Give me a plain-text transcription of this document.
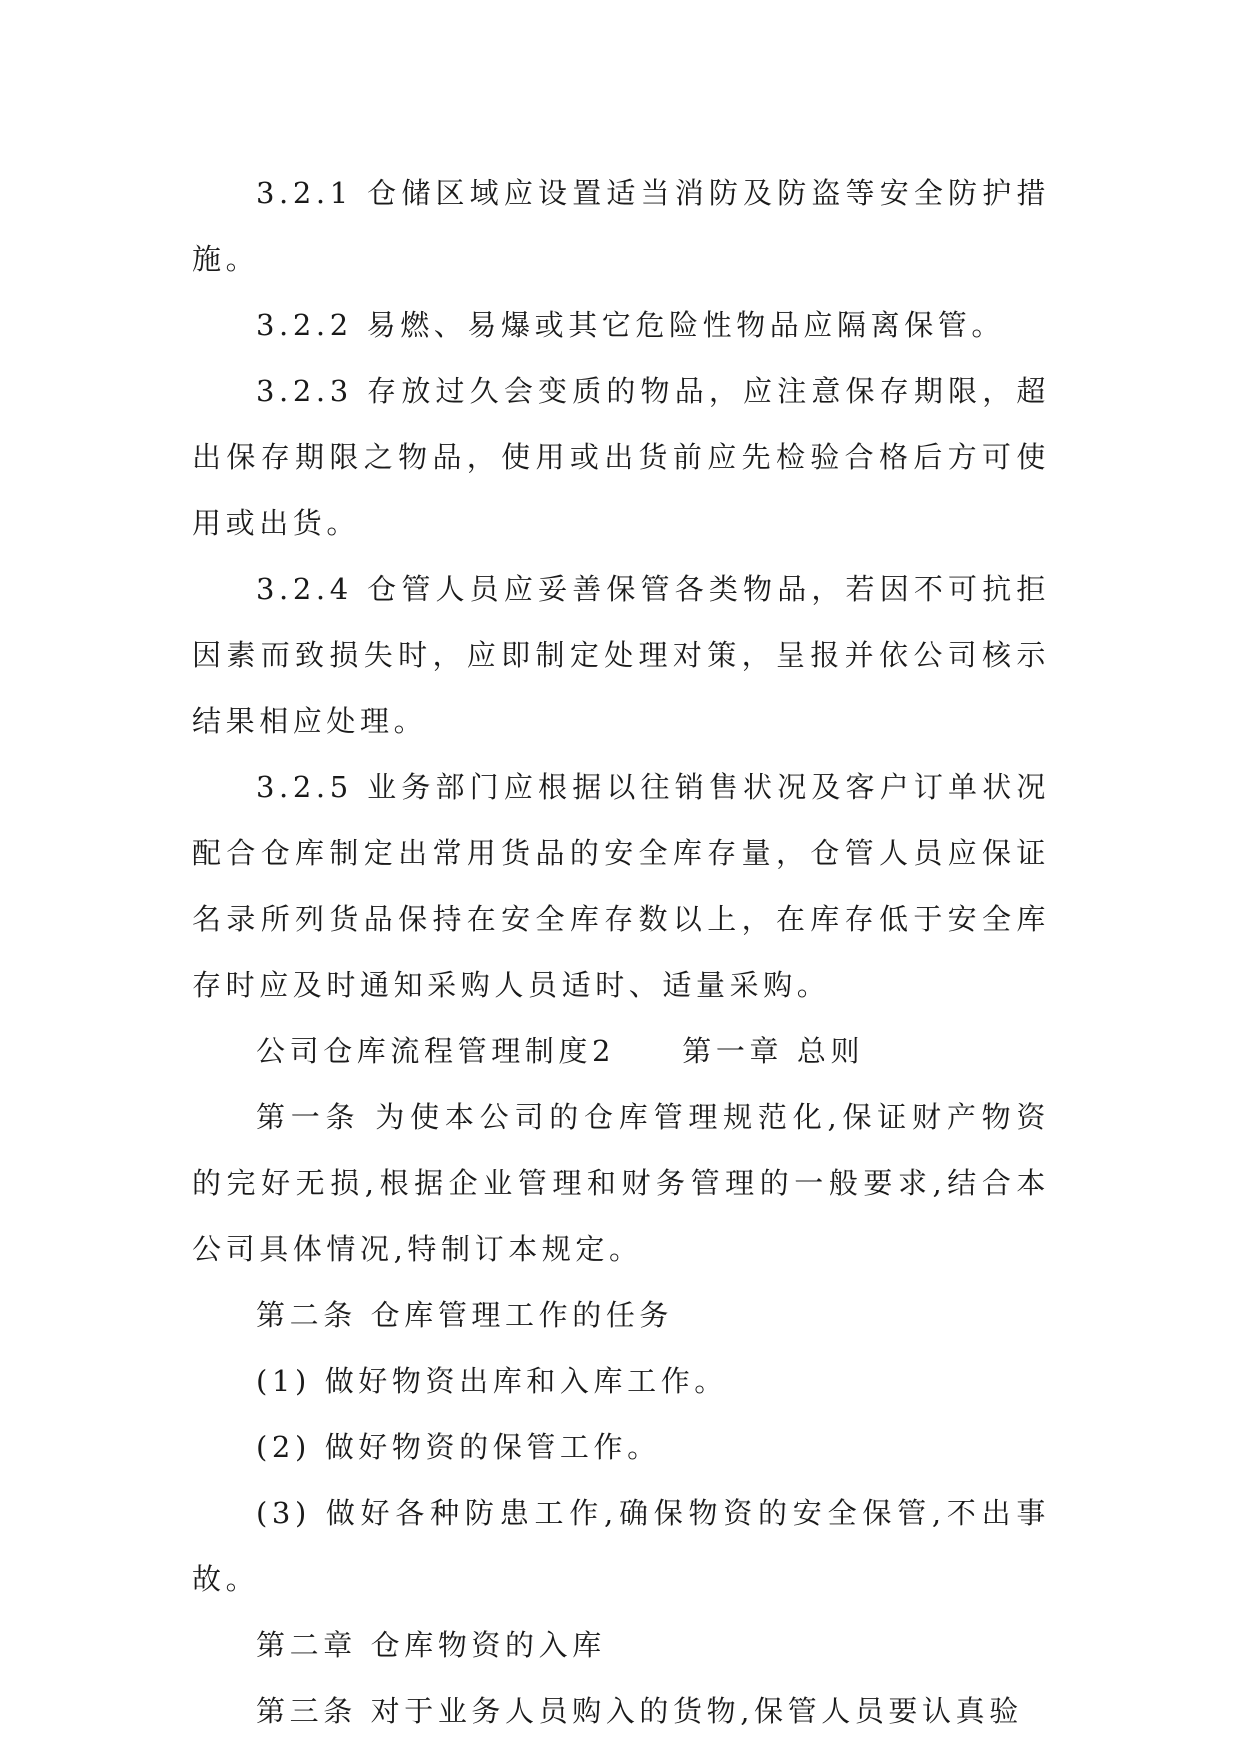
3.2.1 仓储区域应设置适当消防及防盗等安全防护措施。

3.2.2 易燃、易爆或其它危险性物品应隔离保管。

3.2.3 存放过久会变质的物品，应注意保存期限，超出保存期限之物品，使用或出货前应先检验合格后方可使用或出货。

3.2.4 仓管人员应妥善保管各类物品，若因不可抗拒因素而致损失时，应即制定处理对策，呈报并依公司核示结果相应处理。

3.2.5 业务部门应根据以往销售状况及客户订单状况配合仓库制定出常用货品的安全库存量，仓管人员应保证名录所列货品保持在安全库存数以上，在库存低于安全库存时应及时通知采购人员适时、适量采购。

公司仓库流程管理制度2　　第一章 总则

第一条 为使本公司的仓库管理规范化,保证财产物资的完好无损,根据企业管理和财务管理的一般要求,结合本公司具体情况,特制订本规定。

第二条 仓库管理工作的任务

(1) 做好物资出库和入库工作。

(2) 做好物资的保管工作。

(3) 做好各种防患工作,确保物资的安全保管,不出事故。

第二章 仓库物资的入库

第三条 对于业务人员购入的货物,保管人员要认真验
